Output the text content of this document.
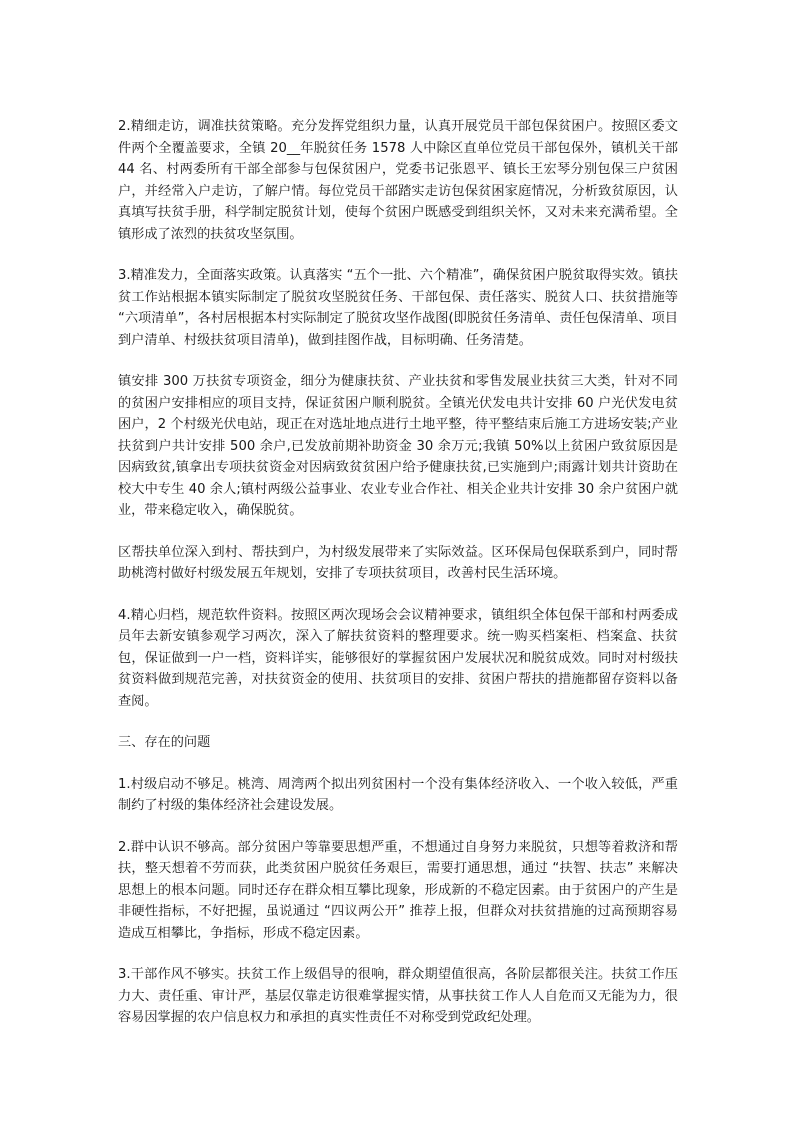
2.精细走访，调准扶贫策略。充分发挥党组织力量，认真开展党员干部包保贫困户。按照区委文件两个全覆盖要求，全镇 20__年脱贫任务 1578 人中除区直单位党员干部包保外，镇机关干部 44 名、村两委所有干部全部参与包保贫困户，党委书记张恩平、镇长王宏琴分别包保三户贫困户，并经常入户走访，了解户情。每位党员干部踏实走访包保贫困家庭情况，分析致贫原因，认真填写扶贫手册，科学制定脱贫计划，使每个贫困户既感受到组织关怀，又对未来充满希望。全镇形成了浓烈的扶贫攻坚氛围。

3.精准发力，全面落实政策。认真落实 “五个一批、六个精准”，确保贫困户脱贫取得实效。镇扶贫工作站根据本镇实际制定了脱贫攻坚脱贫任务、干部包保、责任落实、脱贫人口、扶贫措施等 “六项清单”，各村居根据本村实际制定了脱贫攻坚作战图(即脱贫任务清单、责任包保清单、项目到户清单、村级扶贫项目清单)，做到挂图作战，目标明确、任务清楚。

镇安排 300 万扶贫专项资金，细分为健康扶贫、产业扶贫和零售发展业扶贫三大类，针对不同的贫困户安排相应的项目支持，保证贫困户顺利脱贫。全镇光伏发电共计安排 60 户光伏发电贫困户，2 个村级光伏电站，现正在对选址地点进行土地平整，待平整结束后施工方进场安装;产业扶贫到户共计安排 500 余户,已发放前期补助资金 30 余万元;我镇 50%以上贫困户致贫原因是因病致贫,镇拿出专项扶贫资金对因病致贫贫困户给予健康扶贫,已实施到户;雨露计划共计资助在校大中专生 40 余人;镇村两级公益事业、农业专业合作社、相关企业共计安排 30 余户贫困户就业，带来稳定收入，确保脱贫。

区帮扶单位深入到村、帮扶到户，为村级发展带来了实际效益。区环保局包保联系到户，同时帮助桃湾村做好村级发展五年规划，安排了专项扶贫项目，改善村民生活环境。

4.精心归档，规范软件资料。按照区两次现场会会议精神要求，镇组织全体包保干部和村两委成员年去新安镇参观学习两次，深入了解扶贫资料的整理要求。统一购买档案柜、档案盒、扶贫包，保证做到一户一档，资料详实，能够很好的掌握贫困户发展状况和脱贫成效。同时对村级扶贫资料做到规范完善，对扶贫资金的使用、扶贫项目的安排、贫困户帮扶的措施都留存资料以备查阅。

三、存在的问题

1.村级启动不够足。桃湾、周湾两个拟出列贫困村一个没有集体经济收入、一个收入较低，严重制约了村级的集体经济社会建设发展。

2.群中认识不够高。部分贫困户等靠要思想严重，不想通过自身努力来脱贫，只想等着救济和帮扶，整天想着不劳而获，此类贫困户脱贫任务艰巨，需要打通思想，通过 “扶智、扶志” 来解决思想上的根本问题。同时还存在群众相互攀比现象，形成新的不稳定因素。由于贫困户的产生是非硬性指标，不好把握，虽说通过 “四议两公开” 推荐上报，但群众对扶贫措施的过高预期容易造成互相攀比，争指标，形成不稳定因素。

3.干部作风不够实。扶贫工作上级倡导的很响，群众期望值很高，各阶层都很关注。扶贫工作压力大、责任重、审计严，基层仅靠走访很难掌握实情，从事扶贫工作人人自危而又无能为力，很容易因掌握的农户信息权力和承担的真实性责任不对称受到党政纪处理。
